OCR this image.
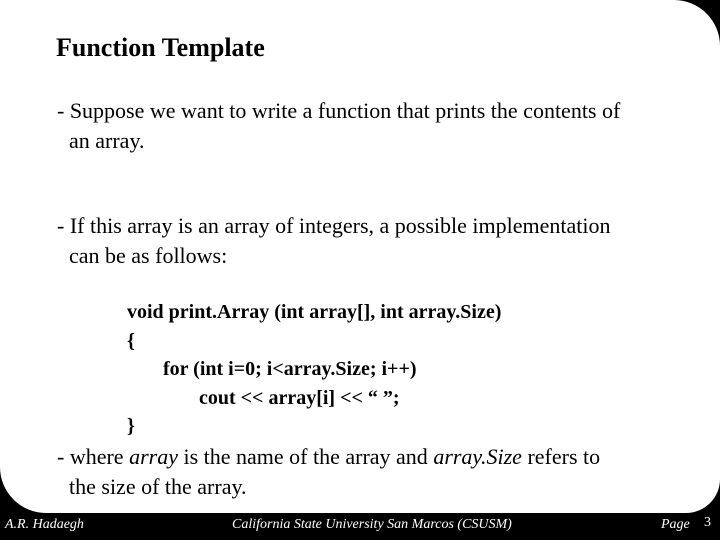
Function Template

- Suppose we want to write a function that prints the contents of
an array.

- If this array is an array of integers, a possible implementation
can be as follows:

void print.Array (int array[], int array.Size)
{
for (int i=0; i<array.Size; i++)
cout << array[i] << “ ”;
}

- where array is the name of the array and array.Size refers to
the size of the array.

A.R. Hadaegh	California State University San Marcos (CSUSM)	Page 3
